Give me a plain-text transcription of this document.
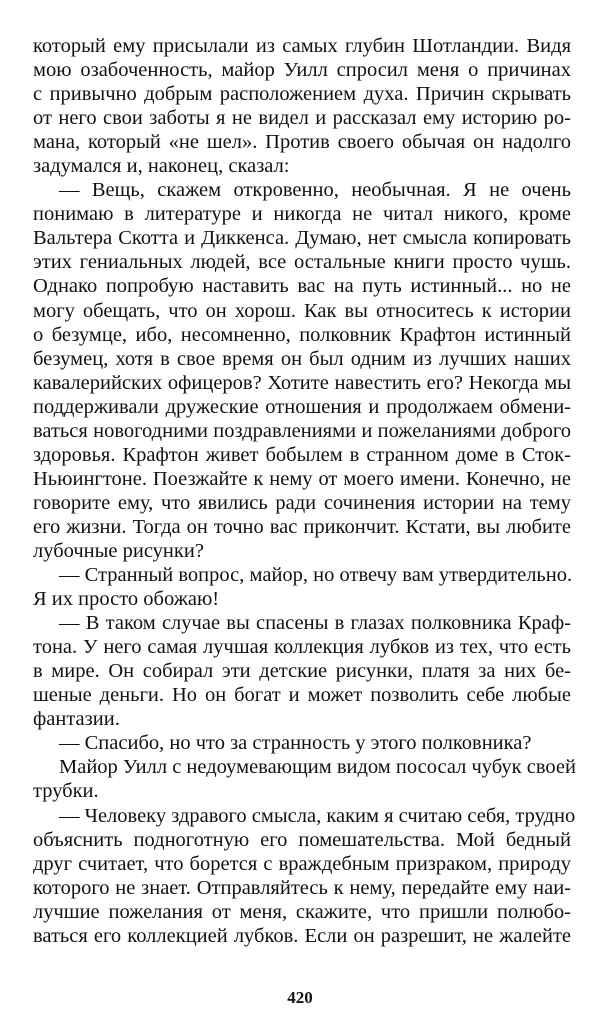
который ему присылали из самых глубин Шотландии. Видя
мою озабоченность, майор Уилл спросил меня о причинах
с привычно добрым расположением духа. Причин скрывать
от него свои заботы я не видел и рассказал ему историю ро-
мана, который «не шел». Против своего обычая он надолго
задумался и, наконец, сказал:
— Вещь, скажем откровенно, необычная. Я не очень
понимаю в литературе и никогда не читал никого, кроме
Вальтера Скотта и Диккенса. Думаю, нет смысла копировать
этих гениальных людей, все остальные книги просто чушь.
Однако попробую наставить вас на путь истинный... но не
могу обещать, что он хорош. Как вы относитесь к истории
о безумце, ибо, несомненно, полковник Крафтон истинный
безумец, хотя в свое время он был одним из лучших наших
кавалерийских офицеров? Хотите навестить его? Некогда мы
поддерживали дружеские отношения и продолжаем обмени-
ваться новогодними поздравлениями и пожеланиями доброго
здоровья. Крафтон живет бобылем в странном доме в Сток-
Ньюингтоне. Поезжайте к нему от моего имени. Конечно, не
говорите ему, что явились ради сочинения истории на тему
его жизни. Тогда он точно вас прикончит. Кстати, вы любите
лубочные рисунки?
— Странный вопрос, майор, но отвечу вам утвердительно.
Я их просто обожаю!
— В таком случае вы спасены в глазах полковника Краф-
тона. У него самая лучшая коллекция лубков из тех, что есть
в мире. Он собирал эти детские рисунки, платя за них бе-
шеные деньги. Но он богат и может позволить себе любые
фантазии.
— Спасибо, но что за странность у этого полковника?
Майор Уилл с недоумевающим видом пососал чубук своей
трубки.
— Человеку здравого смысла, каким я считаю себя, трудно
объяснить подноготную его помешательства. Мой бедный
друг считает, что борется с враждебным призраком, природу
которого не знает. Отправляйтесь к нему, передайте ему наи-
лучшие пожелания от меня, скажите, что пришли полюбо-
ваться его коллекцией лубков. Если он разрешит, не жалейте
420
